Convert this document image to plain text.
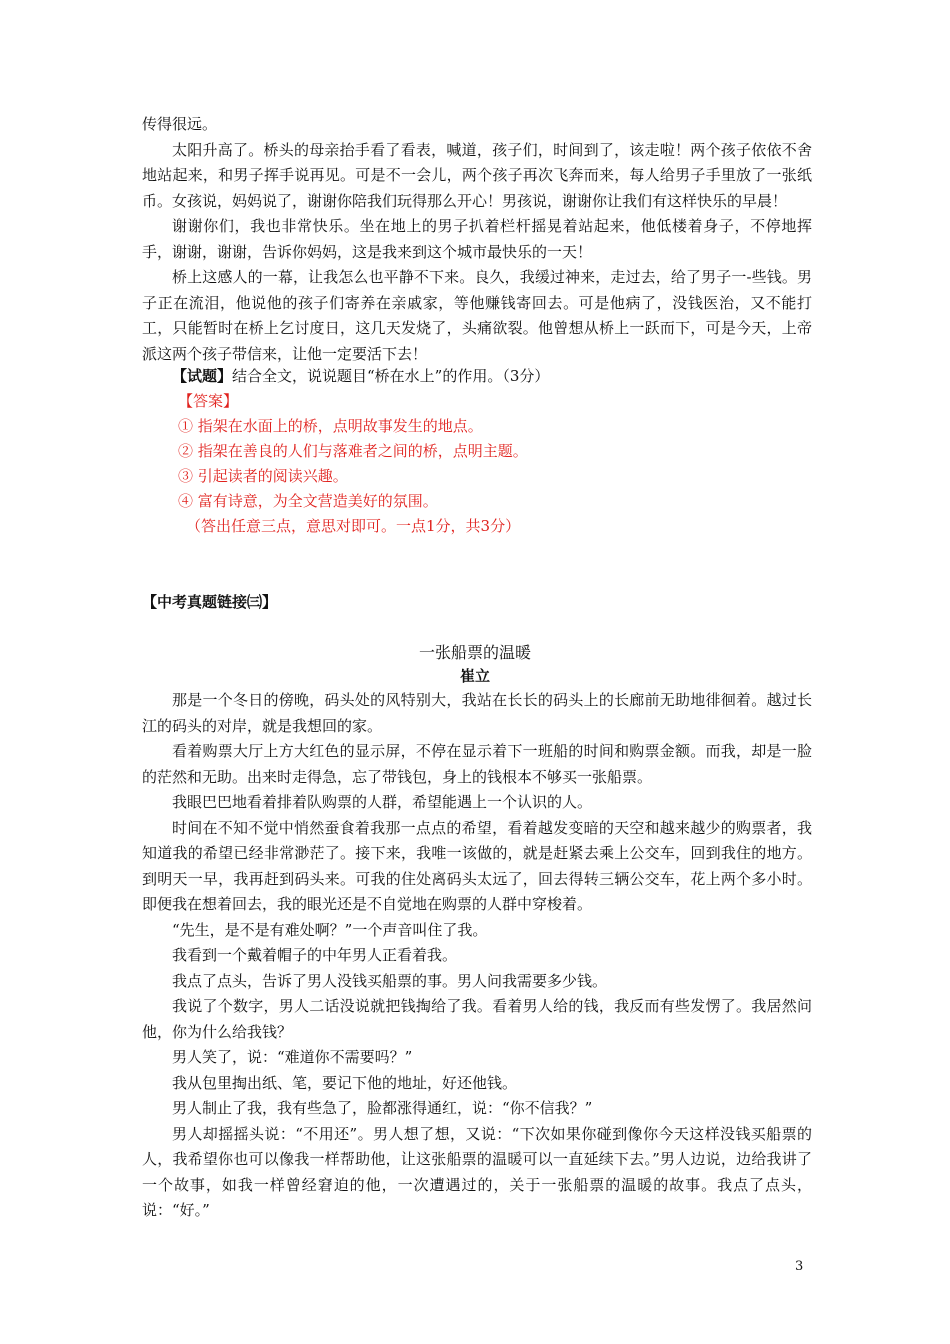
传得很远。

太阳升高了。桥头的母亲抬手看了看表，喊道，孩子们，时间到了，该走啦！两个孩子依依不舍地站起来，和男子挥手说再见。可是不一会儿，两个孩子再次飞奔而来，每人给男子手里放了一张纸币。女孩说，妈妈说了，谢谢你陪我们玩得那么开心！男孩说，谢谢你让我们有这样快乐的早晨！

谢谢你们，我也非常快乐。坐在地上的男子扒着栏杆摇晃着站起来，他低楼着身子，不停地挥手，谢谢，谢谢，告诉你妈妈，这是我来到这个城市最快乐的一天！

桥上这感人的一幕，让我怎么也平静不下来。良久，我缓过神来，走过去，给了男子一-些钱。男子正在流泪，他说他的孩子们寄养在亲戚家，等他赚钱寄回去。可是他病了，没钱医治，又不能打工，只能暂时在桥上乞讨度日，这几天发烧了，头痛欲裂。他曾想从桥上一跃而下，可是今天，上帝派这两个孩子带信来，让他一定要活下去！

【试题】结合全文，说说题目“桥在水上”的作用。（3分）

【答案】

① 指架在水面上的桥，点明故事发生的地点。

② 指架在善良的人们与落难者之间的桥，点明主题。

③ 引起读者的阅读兴趣。

④ 富有诗意，为全文营造美好的氛围。

（答出任意三点，意思对即可。一点1分，共3分）

【中考真题链接㈢】
一张船票的温暖
崔立

那是一个冬日的傍晚，码头处的风特别大，我站在长长的码头上的长廊前无助地徘徊着。越过长江的码头的对岸，就是我想回的家。

看着购票大厅上方大红色的显示屏，不停在显示着下一班船的时间和购票金额。而我，却是一脸的茫然和无助。出来时走得急，忘了带钱包，身上的钱根本不够买一张船票。

我眼巴巴地看着排着队购票的人群，希望能遇上一个认识的人。

时间在不知不觉中悄然蚕食着我那一点点的希望，看着越发变暗的天空和越来越少的购票者，我知道我的希望已经非常渺茫了。接下来，我唯一该做的，就是赶紧去乘上公交车，回到我住的地方。到明天一早，我再赶到码头来。可我的住处离码头太远了，回去得转三辆公交车，花上两个多小时。即便我在想着回去，我的眼光还是不自觉地在购票的人群中穿梭着。

“先生，是不是有难处啊？”一个声音叫住了我。

我看到一个戴着帽子的中年男人正看着我。

我点了点头，告诉了男人没钱买船票的事。男人问我需要多少钱。

我说了个数字，男人二话没说就把钱掏给了我。看着男人给的钱，我反而有些发愣了。我居然问他，你为什么给我钱？

男人笑了，说：“难道你不需要吗？”

我从包里掏出纸、笔，要记下他的地址，好还他钱。

男人制止了我，我有些急了，脸都涨得通红，说：“你不信我？”

男人却摇摇头说：“不用还”。男人想了想，又说：“下次如果你碰到像你今天这样没钱买船票的人，我希望你也可以像我一样帮助他，让这张船票的温暖可以一直延续下去。”男人边说，边给我讲了一个故事，如我一样曾经窘迫的他，一次遭遇过的，关于一张船票的温暖的故事。我点了点头，说：“好。”

3
